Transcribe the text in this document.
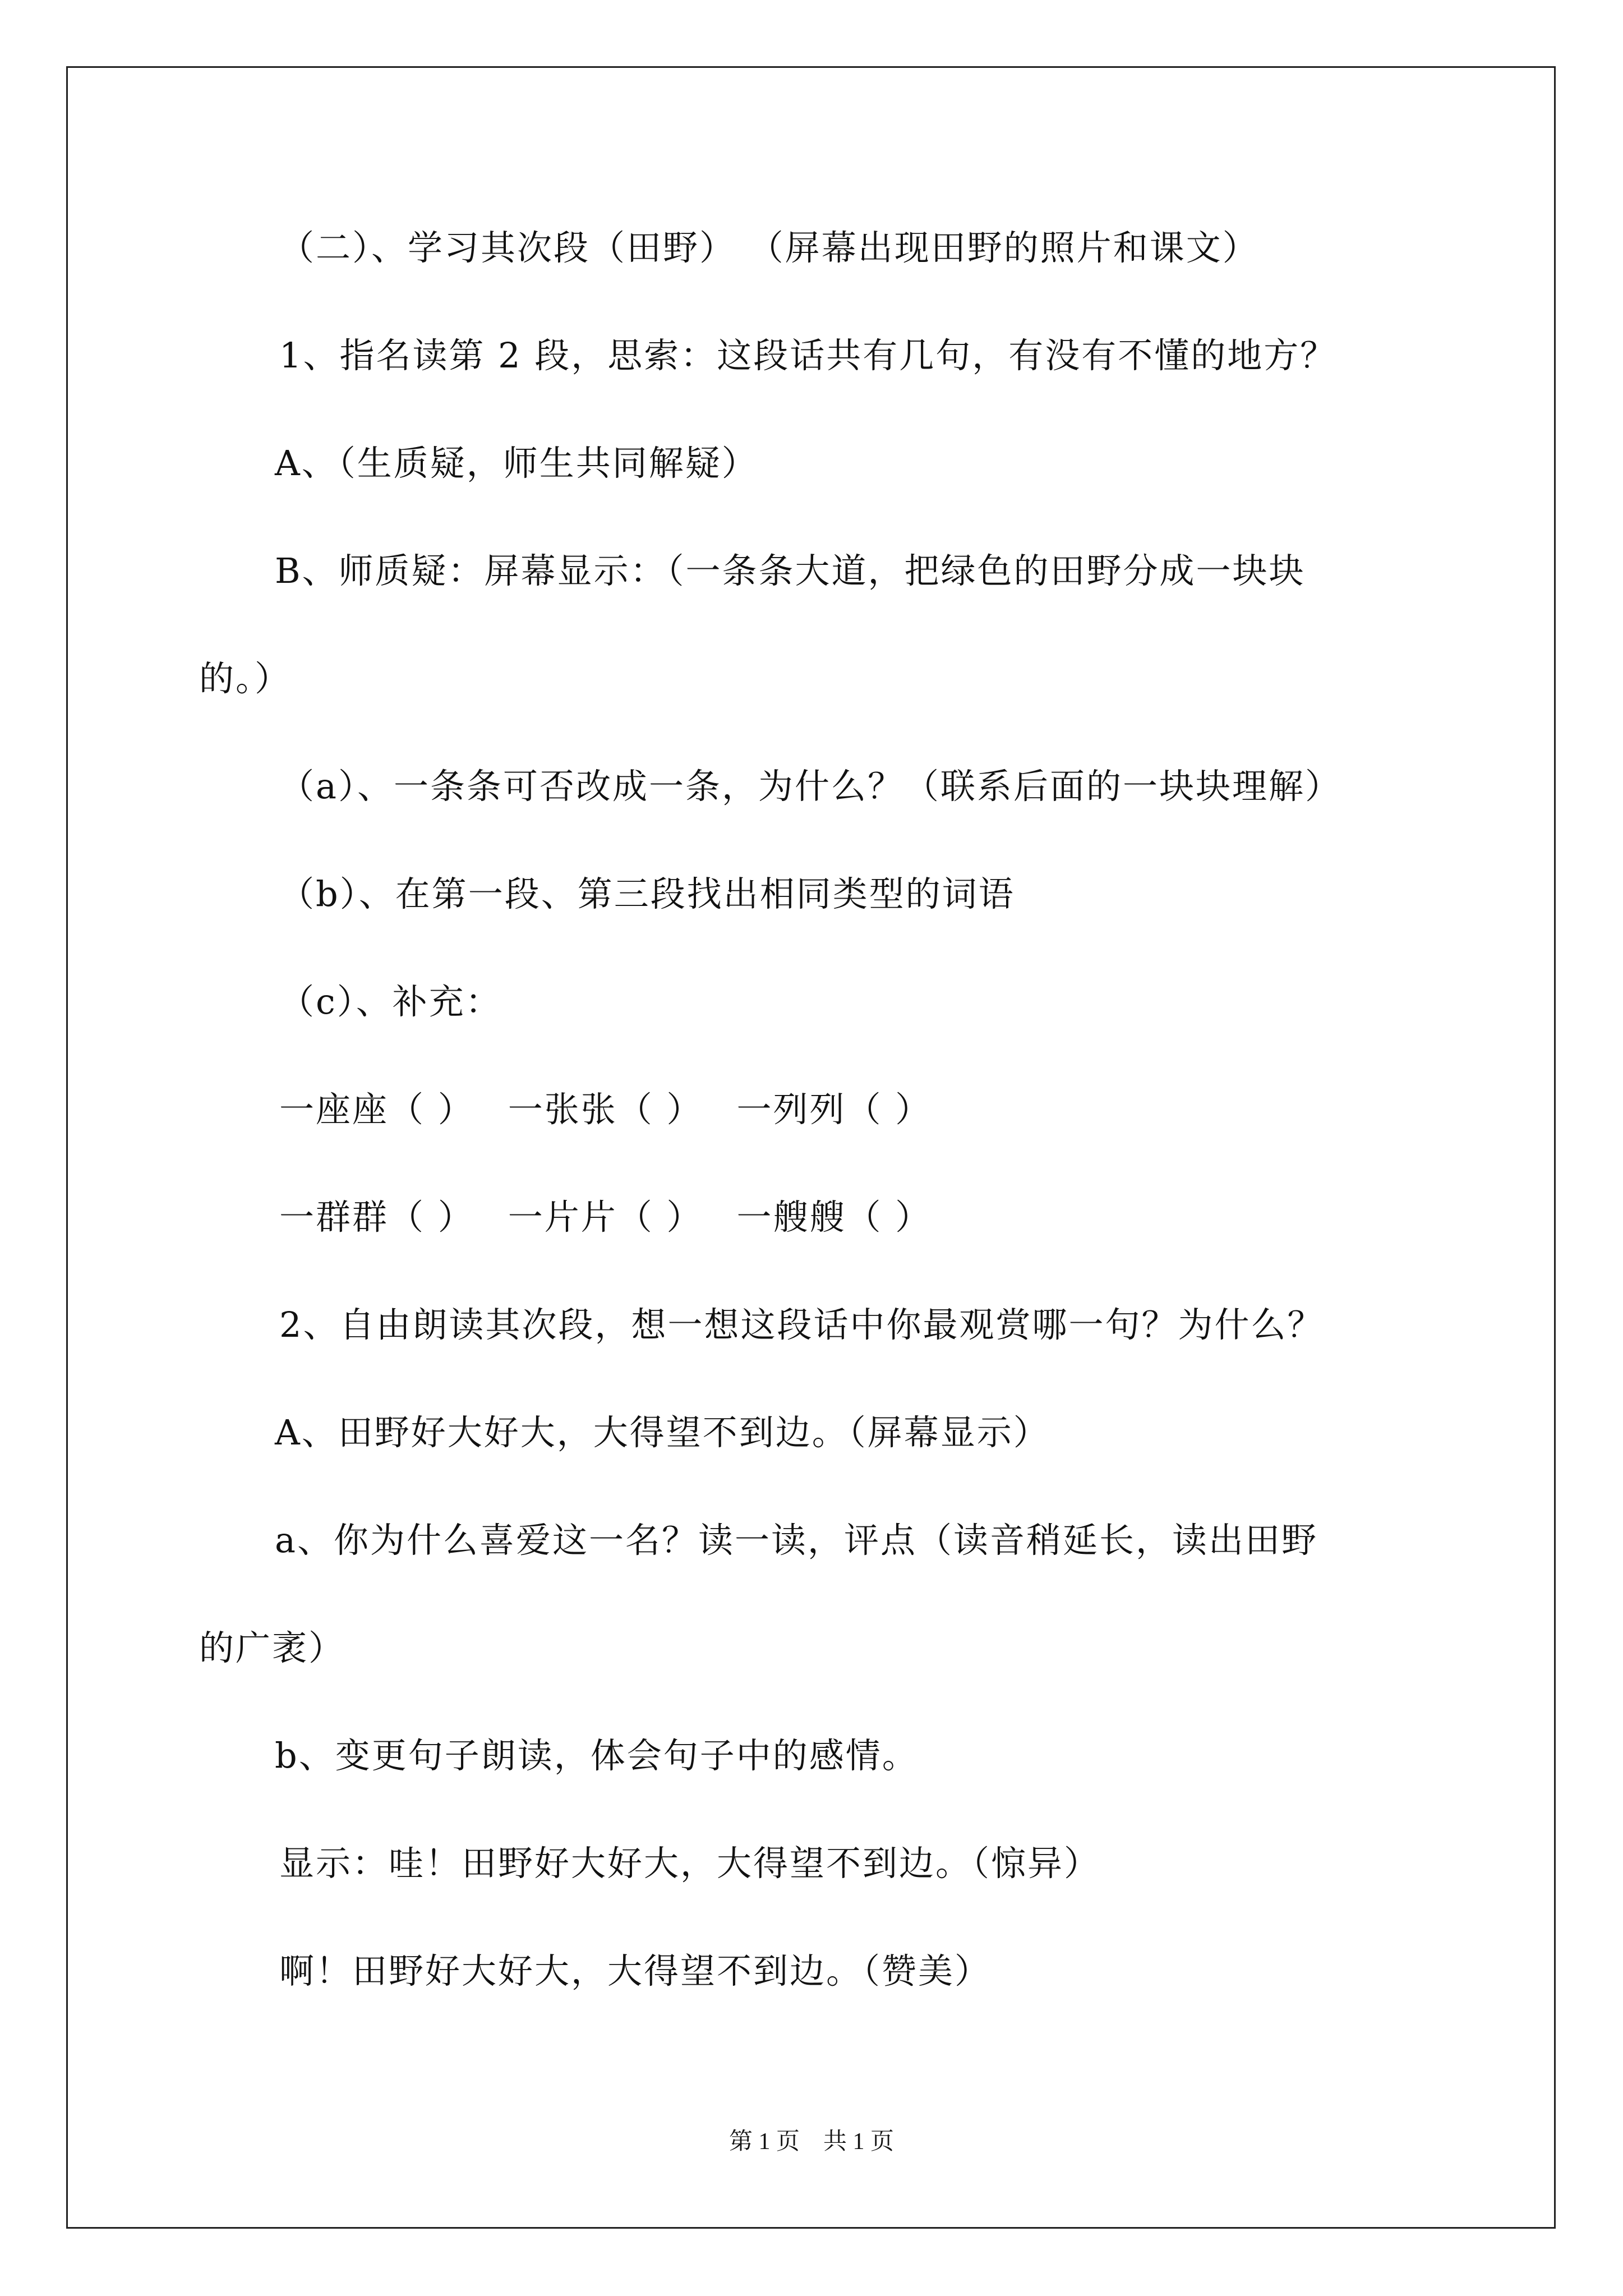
（二）、学习其次段（田野） （屏幕出现田野的照片和课文）
1、指名读第 2 段，思索：这段话共有几句，有没有不懂的地方？
A、（生质疑，师生共同解疑）
B、师质疑：屏幕显示：（一条条大道，把绿色的田野分成一块块
的。）
（a）、一条条可否改成一条，为什么？（联系后面的一块块理解）
（b）、在第一段、第三段找出相同类型的词语
（c）、补充：
一座座（ ） 一张张（ ） 一列列（ ）
一群群（ ） 一片片（ ） 一艘艘（ ）
2、自由朗读其次段，想一想这段话中你最观赏哪一句？为什么？
A、田野好大好大，大得望不到边。（屏幕显示）
a、你为什么喜爱这一名？读一读，评点（读音稍延长，读出田野
的广袤）
b、变更句子朗读，体会句子中的感情。
显示：哇！田野好大好大，大得望不到边。（惊异）
啊！田野好大好大，大得望不到边。（赞美）
第 1 页　共 1 页
